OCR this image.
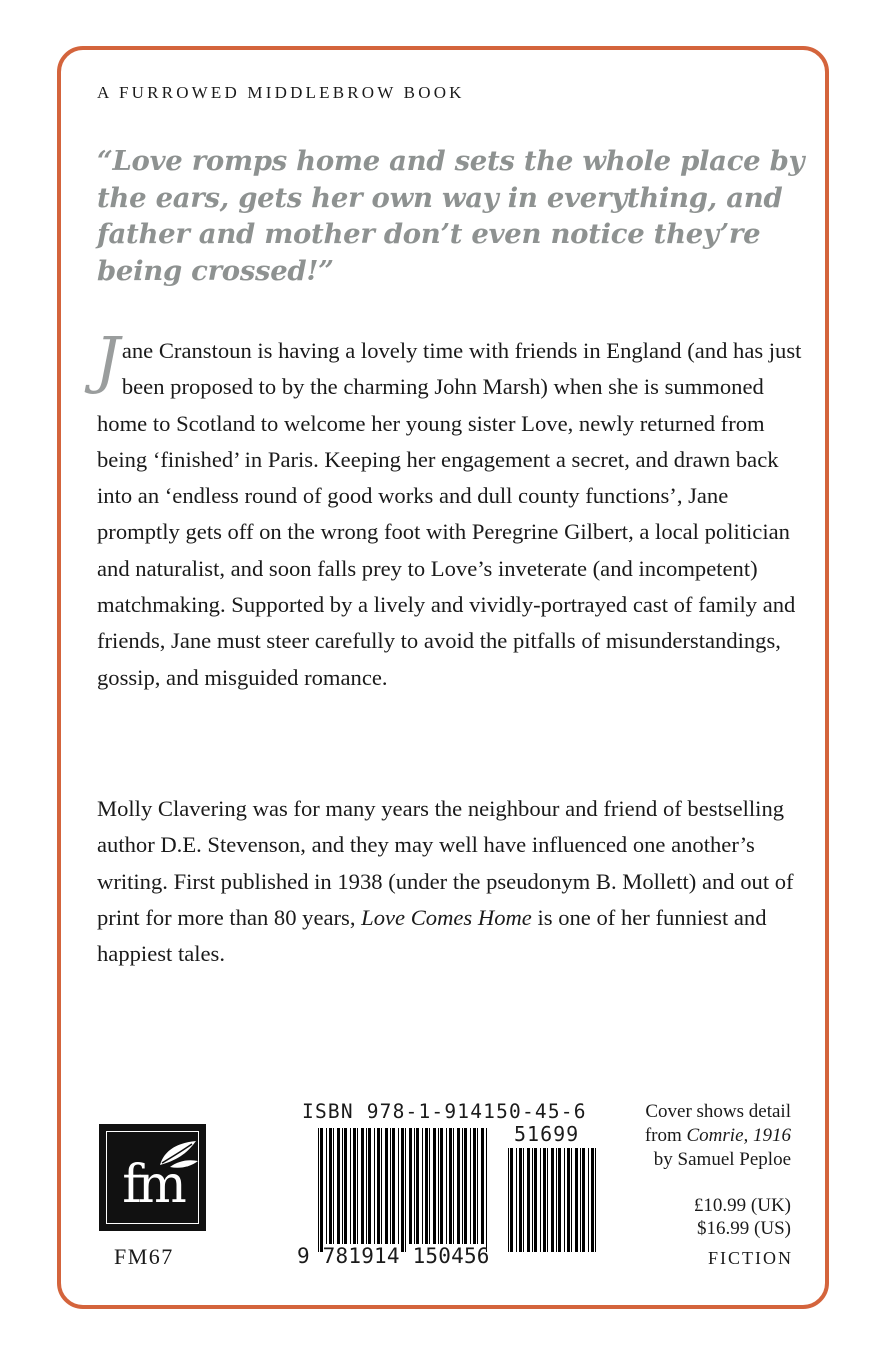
A FURROWED MIDDLEBROW BOOK

“Love romps home and sets the whole place by the ears, gets her own way in everything, and father and mother don’t even notice they’re being crossed!”

Jane Cranstoun is having a lovely time with friends in England (and has just been proposed to by the charming John Marsh) when she is summoned home to Scotland to welcome her young sister Love, newly returned from being ‘finished’ in Paris. Keeping her engagement a secret, and drawn back into an ‘endless round of good works and dull county functions’, Jane promptly gets off on the wrong foot with Peregrine Gilbert, a local politician and naturalist, and soon falls prey to Love’s inveterate (and incompetent) matchmaking. Supported by a lively and vividly-portrayed cast of family and friends, Jane must steer carefully to avoid the pitfalls of misunderstandings, gossip, and misguided romance.

Molly Clavering was for many years the neighbour and friend of bestselling author D.E. Stevenson, and they may well have influenced one another’s writing. First published in 1938 (under the pseudonym B. Mollett) and out of print for more than 80 years, Love Comes Home is one of her funniest and happiest tales.

fm
FM67
ISBN 978-1-914150-45-6
51699
9 781914 150456
Cover shows detail
from Comrie, 1916
by Samuel Peploe
£10.99 (UK)
$16.99 (US)
FICTION
